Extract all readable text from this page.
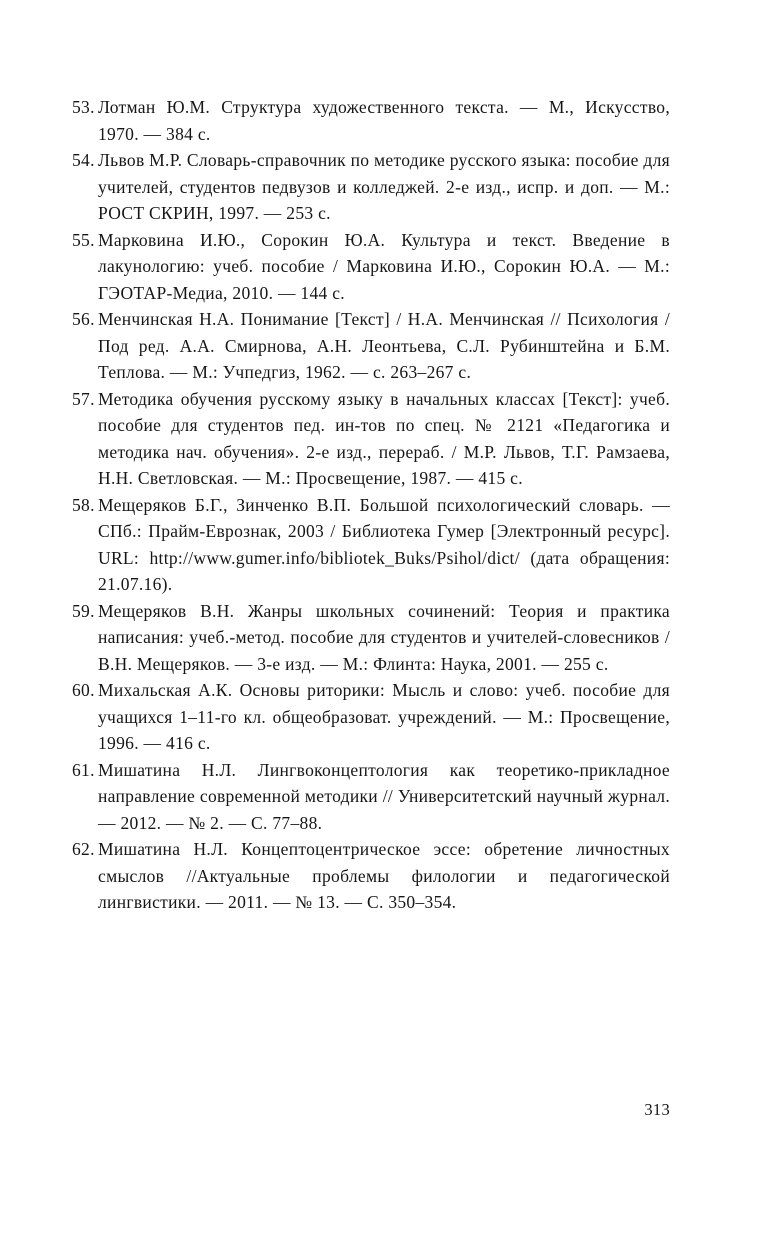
53. Лотман Ю.М. Структура художественного текста. — М., Искусство, 1970. — 384 с.
54. Львов М.Р. Словарь-справочник по методике русского языка: пособие для учителей, студентов педвузов и колледжей. 2-е изд., испр. и доп. — М.: РОСТ СКРИН, 1997. — 253 с.
55. Марковина И.Ю., Сорокин Ю.А. Культура и текст. Введение в лакунологию: учеб. пособие / Марковина И.Ю., Сорокин Ю.А. — М.: ГЭОТАР-Медиа, 2010. — 144 с.
56. Менчинская Н.А. Понимание [Текст] / Н.А. Менчинская // Психология / Под ред. А.А. Смирнова, А.Н. Леонтьева, С.Л. Рубинштейна и Б.М. Теплова. — М.: Учпедгиз, 1962. — с. 263–267 с.
57. Методика обучения русскому языку в начальных классах [Текст]: учеб. пособие для студентов пед. ин-тов по спец. № 2121 «Педагогика и методика нач. обучения». 2-е изд., перераб. / М.Р. Львов, Т.Г. Рамзаева, Н.Н. Светловская. — М.: Просвещение, 1987. — 415 с.
58. Мещеряков Б.Г., Зинченко В.П. Большой психологический словарь. — СПб.: Прайм-Еврознак, 2003 / Библиотека Гумер [Электронный ресурс]. URL: http://www.gumer.info/bibliotek_Buks/Psihol/dict/ (дата обращения: 21.07.16).
59. Мещеряков В.Н. Жанры школьных сочинений: Теория и практика написания: учеб.-метод. пособие для студентов и учителей-словесников / В.Н. Мещеряков. — 3-е изд. — М.: Флинта: Наука, 2001. — 255 с.
60. Михальская А.К. Основы риторики: Мысль и слово: учеб. пособие для учащихся 1–11-го кл. общеобразоват. учреждений. — М.: Просвещение, 1996. — 416 с.
61. Мишатина Н.Л. Лингвоконцептология как теоретико-прикладное направление современной методики // Университетский научный журнал. — 2012. — № 2. — С. 77–88.
62. Мишатина Н.Л. Концептоцентрическое эссе: обретение личностных смыслов //Актуальные проблемы филологии и педагогической лингвистики. — 2011. — № 13. — С. 350–354.
313
